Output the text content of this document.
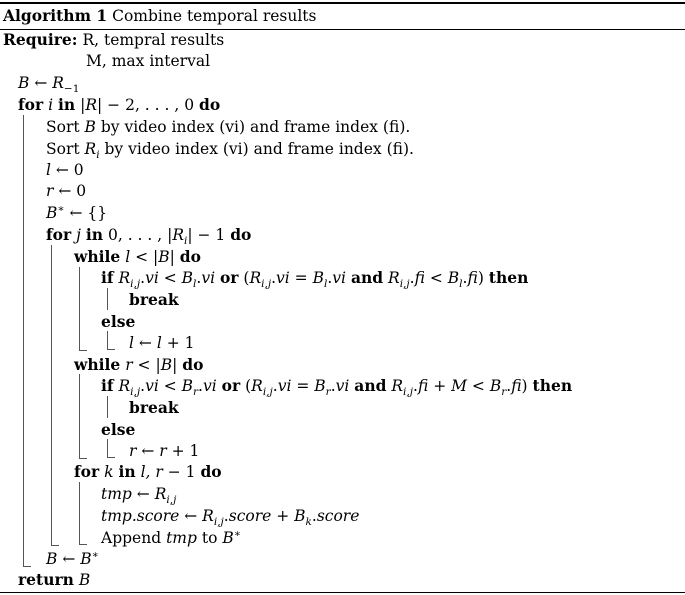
Algorithm 1 Combine temporal results
Require: R, tempral results
M, max interval
B ← $R_{-1}$
for i in |R| − 2, . . . , 0 do
Sort B by video index (vi) and frame index (fi).
Sort $R_i$ by video index (vi) and frame index (fi).
l ← 0
r ← 0
B∗ ← {}
for j in 0, . . . , $|R_i| - 1$ do
while l < |B| do
if $R_{i,j}.vi < B_l.vi$ or ($R_{i,j}.vi = B_l.vi$ and $R_{i,j}.fi < B_l.fi$) then
break
else
l ← l + 1
while r < |B| do
if $R_{i,j}.vi < B_r.vi$ or ($R_{i,j}.vi = B_r.vi$ and $R_{i,j}.fi + M < B_r.fi$) then
break
else
r ← r + 1
for k in l, r − 1 do
tmp ← $R_{i,j}$
tmp.score ← $R_{i,j}.score$ + $B_k.score$
Append tmp to B∗
B ← B∗
return B
